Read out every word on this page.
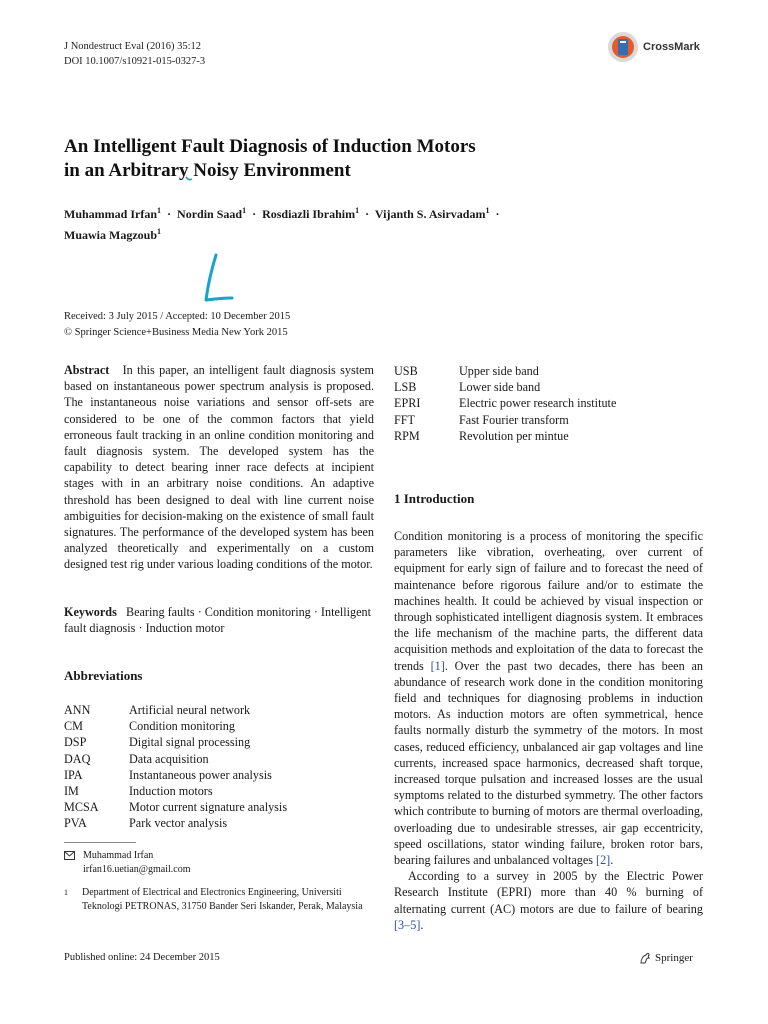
J Nondestruct Eval (2016) 35:12
DOI 10.1007/s10921-015-0327-3
CrossMark
An Intelligent Fault Diagnosis of Induction Motors
in an Arbitrary Noisy Environment
Muhammad Irfan$^1$ · Nordin Saad$^1$ · Rosdiazli Ibrahim$^1$ · Vijanth S. Asirvadam$^1$ ·
Muawia Magzoub$^1$
Received: 3 July 2015 / Accepted: 10 December 2015
© Springer Science+Business Media New York 2015
Abstract In this paper, an intelligent fault diagnosis system based on instantaneous power spectrum analysis is proposed. The instantaneous noise variations and sensor off-sets are considered to be one of the common factors that yield erroneous fault tracking in an online condition monitoring and fault diagnosis system. The developed system has the capability to detect bearing inner race defects at incipient stages with in an arbitrary noise conditions. An adaptive threshold has been designed to deal with line current noise ambiguities for decision-making on the existence of small fault signatures. The performance of the developed system has been analyzed theoretically and experimentally on a custom designed test rig under various loading conditions of the motor.
Keywords Bearing faults · Condition monitoring · Intelligent fault diagnosis · Induction motor
Abbreviations
ANN	Artificial neural network
CM	Condition monitoring
DSP	Digital signal processing
DAQ	Data acquisition
IPA	Instantaneous power analysis
IM	Induction motors
MCSA	Motor current signature analysis
PVA	Park vector analysis
USB	Upper side band
LSB	Lower side band
EPRI	Electric power research institute
FFT	Fast Fourier transform
RPM	Revolution per mintue
1 Introduction

Condition monitoring is a process of monitoring the specific parameters like vibration, overheating, over current of equipment for early sign of failure and to forecast the need of maintenance before rigorous failure and/or to estimate the machines health. It could be achieved by visual inspection or through sophisticated intelligent diagnosis system. It embraces the life mechanism of the machine parts, the different data acquisition methods and exploitation of the data to forecast the trends [1]. Over the past two decades, there has been an abundance of research work done in the condition monitoring field and techniques for diagnosing problems in induction motors. As induction motors are often symmetrical, hence faults normally disturb the symmetry of the motors. In most cases, reduced efficiency, unbalanced air gap voltages and line currents, increased space harmonics, decreased shaft torque, increased torque pulsation and increased losses are the usual symptoms related to the disturbed symmetry. The other factors which contribute to burning of motors are thermal overloading, overloading due to undesirable stresses, air gap eccentricity, speed oscillations, stator winding failure, broken rotor bars, bearing failures and unbalanced voltages [2].

According to a survey in 2005 by the Electric Power Research Institute (EPRI) more than 40 % burning of alternating current (AC) motors are due to failure of bearing [3–5].

Muhammad Irfan
irfan16.uetian@gmail.com
1 Department of Electrical and Electronics Engineering, Universiti Teknologi PETRONAS, 31750 Bander Seri Iskander, Perak, Malaysia
Published online: 24 December 2015	Springer
